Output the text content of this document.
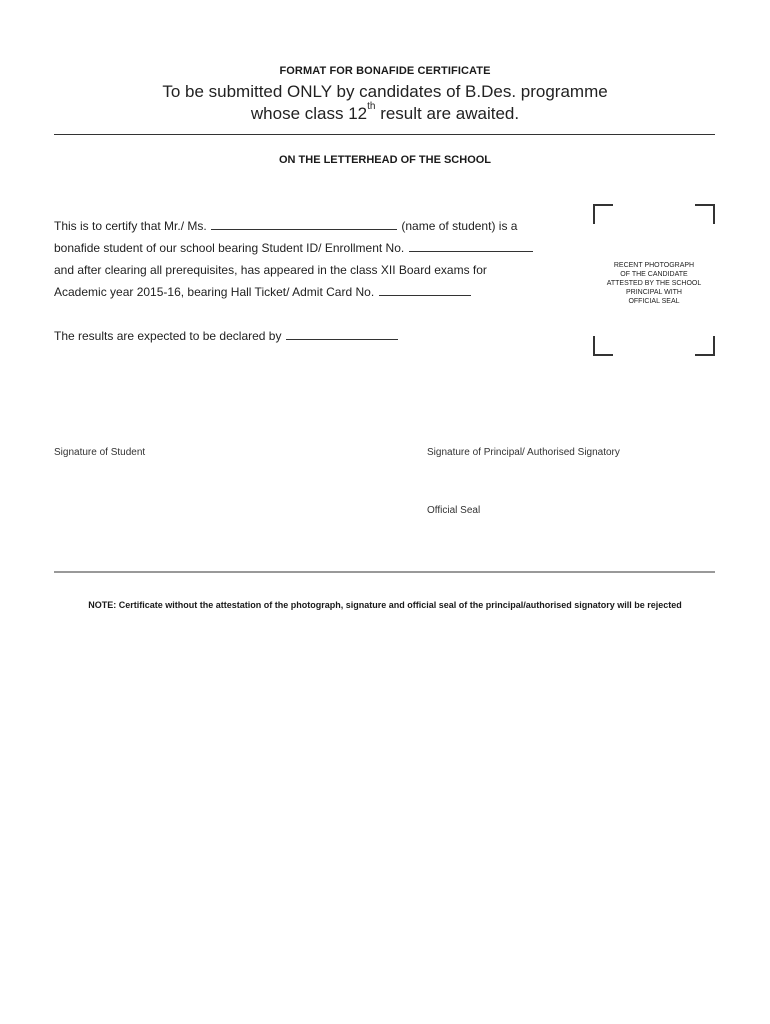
FORMAT FOR BONAFIDE CERTIFICATE
To be submitted ONLY by candidates of B.Des. programme
whose class 12th result are awaited.
ON THE LETTERHEAD OF THE SCHOOL
This is to certify that Mr./ Ms.	(name of student) is a
bonafide student of our school bearing Student ID/ Enrollment No.
and after clearing all prerequisites, has appeared in the class XII Board exams for
Academic year 2015-16, bearing Hall Ticket/ Admit Card No.
The results are expected to be declared by
RECENT PHOTOGRAPH
OF THE CANDIDATE
ATTESTED BY THE SCHOOL
PRINCIPAL WITH
OFFICIAL SEAL
Signature of Student	Signature of Principal/ Authorised Signatory
Official Seal
NOTE: Certificate without the attestation of the photograph, signature and official seal of the principal/authorised signatory will be rejected
